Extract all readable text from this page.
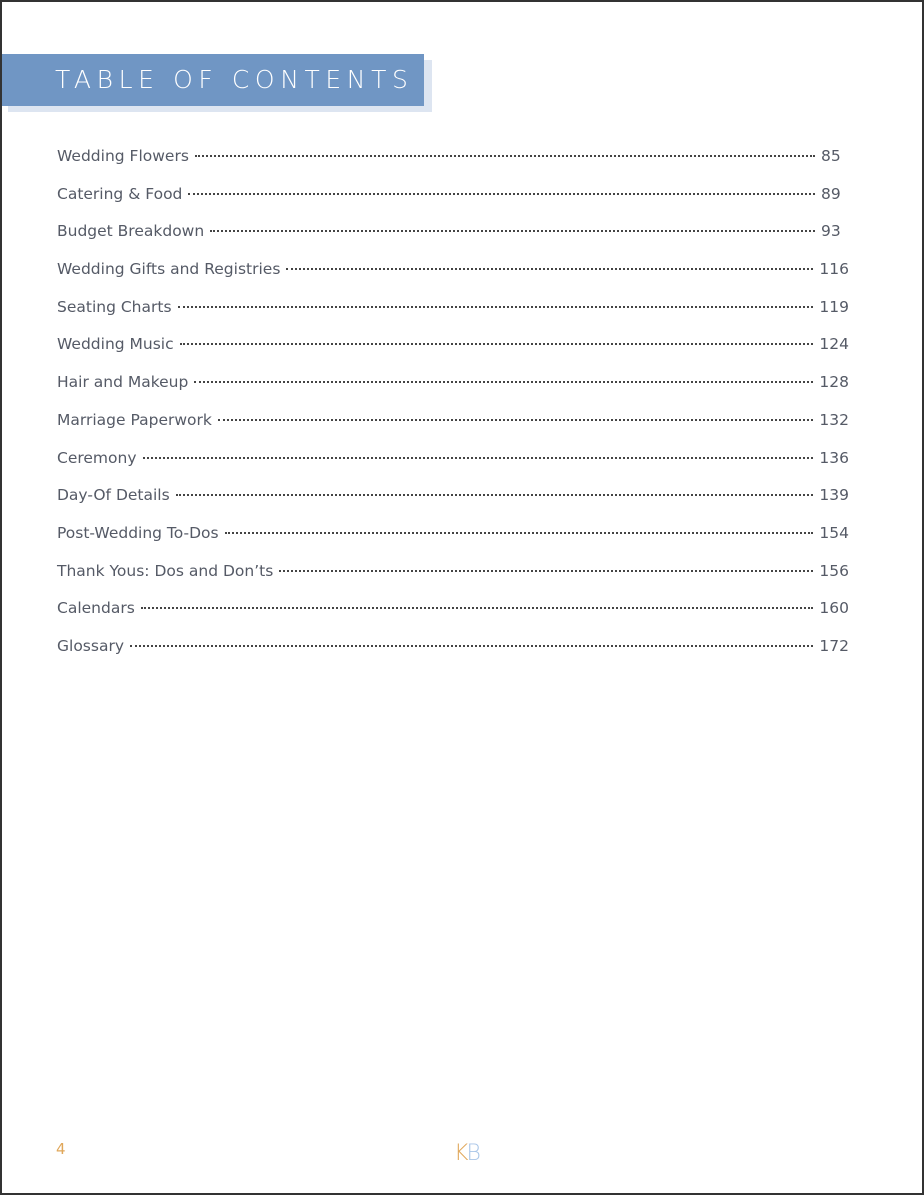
TABLE OF CONTENTS
Wedding Flowers	85
Catering & Food	89
Budget Breakdown	93
Wedding Gifts and Registries	116
Seating Charts	119
Wedding Music	124
Hair and Makeup	128
Marriage Paperwork	132
Ceremony	136
Day-Of Details	139
Post-Wedding To-Dos	154
Thank Yous: Dos and Don’ts	156
Calendars	160
Glossary	172
4	KB
